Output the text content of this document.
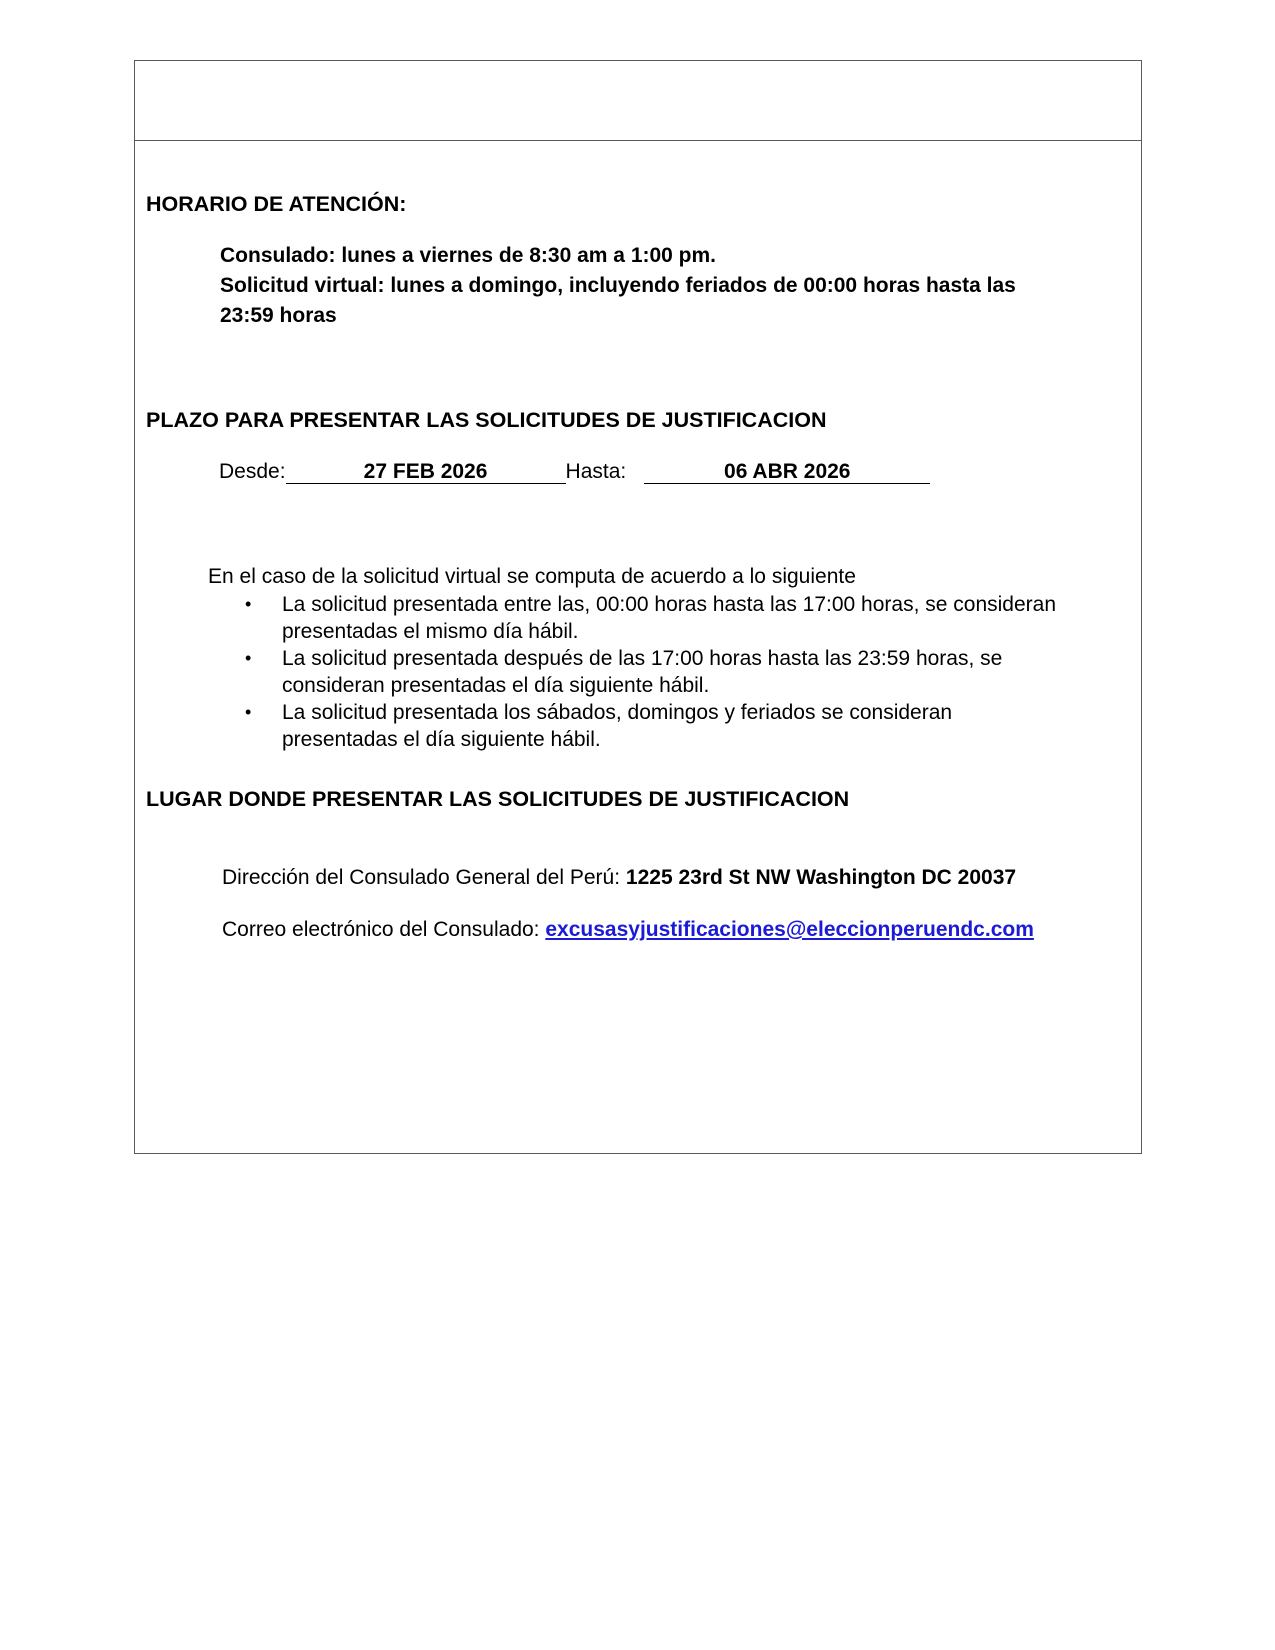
HORARIO DE ATENCIÓN:
Consulado: lunes a viernes de 8:30 am a 1:00 pm.
Solicitud virtual: lunes a domingo, incluyendo feriados de 00:00 horas hasta las
23:59 horas
PLAZO PARA PRESENTAR LAS SOLICITUDES DE JUSTIFICACION
Desde:	27 FEB 2026	Hasta:	06 ABR 2026
En el caso de la solicitud virtual se computa de acuerdo a lo siguiente
• La solicitud presentada entre las, 00:00 horas hasta las 17:00 horas, se consideran
presentadas el mismo día hábil.
• La solicitud presentada después de las 17:00 horas hasta las 23:59 horas, se
consideran presentadas el día siguiente hábil.
• La solicitud presentada los sábados, domingos y feriados se consideran
presentadas el día siguiente hábil.
LUGAR DONDE PRESENTAR LAS SOLICITUDES DE JUSTIFICACION
Dirección del Consulado General del Perú: 1225 23rd St NW Washington DC 20037
Correo electrónico del Consulado: excusasyjustificaciones@eleccionperuendc.com
